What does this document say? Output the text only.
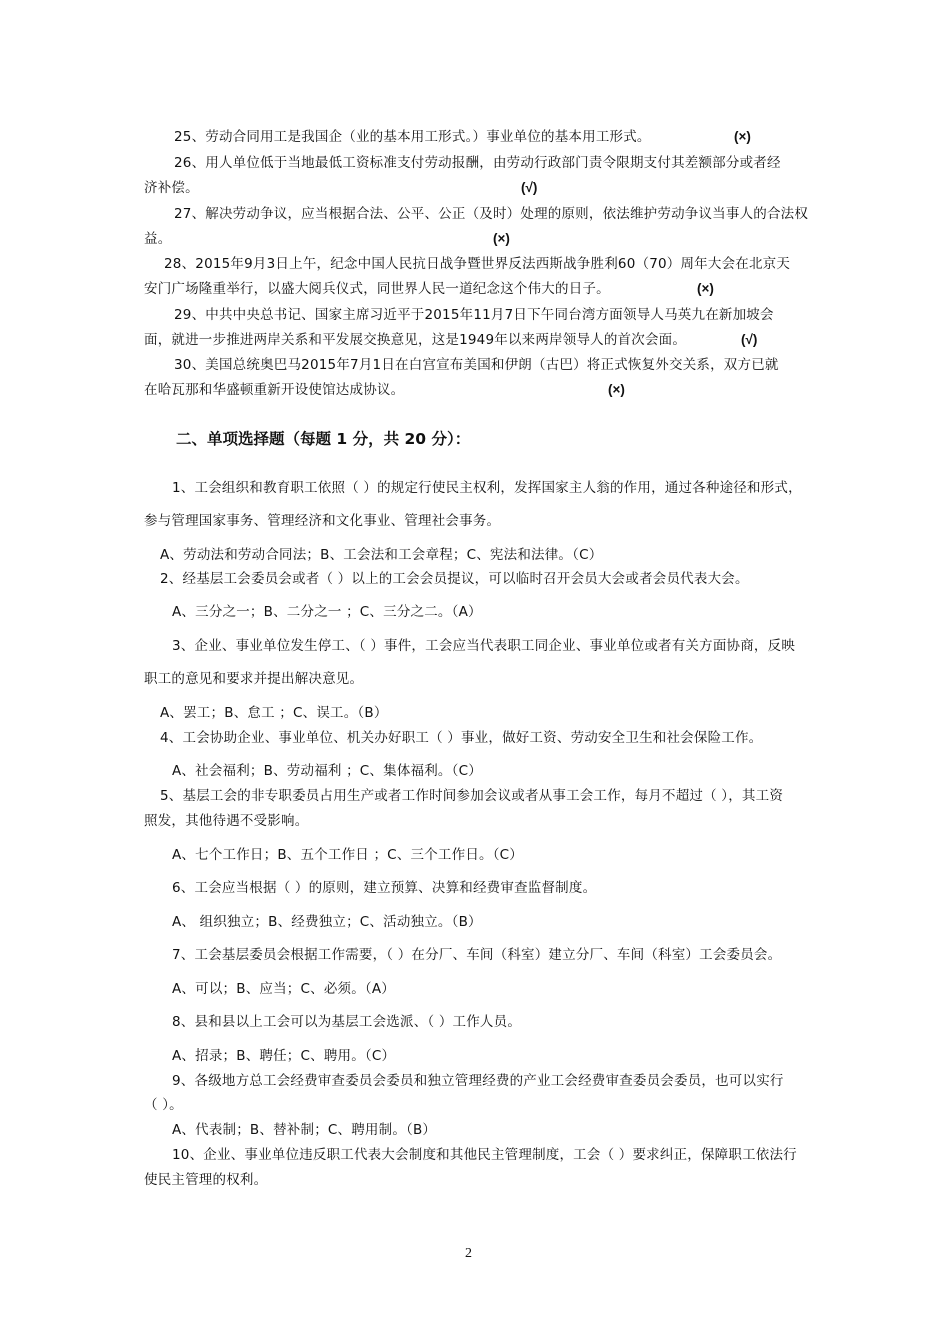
25、劳动合同用工是我国企（业的基本用工形式。）事业单位的基本用工形式。	(×)
26、用人单位低于当地最低工资标准支付劳动报酬，由劳动行政部门责令限期支付其差额部分或者经
济补偿。	(√)
27、解决劳动争议，应当根据合法、公平、公正（及时）处理的原则，依法维护劳动争议当事人的合法权
益。	(×)
28、2015年9月3日上午，纪念中国人民抗日战争暨世界反法西斯战争胜利60（70）周年大会在北京天
安门广场隆重举行，以盛大阅兵仪式，同世界人民一道纪念这个伟大的日子。	(×)
29、中共中央总书记、国家主席习近平于2015年11月7日下午同台湾方面领导人马英九在新加坡会
面，就进一步推进两岸关系和平发展交换意见，这是1949年以来两岸领导人的首次会面。	(√)
30、美国总统奥巴马2015年7月1日在白宫宣布美国和伊朗（古巴）将正式恢复外交关系，双方已就
在哈瓦那和华盛顿重新开设使馆达成协议。	(×)
二、单项选择题（每题 1 分，共 20 分）：
1、工会组织和教育职工依照（ ）的规定行使民主权利，发挥国家主人翁的作用，通过各种途径和形式，
参与管理国家事务、管理经济和文化事业、管理社会事务。
A、劳动法和劳动合同法；B、工会法和工会章程；C、宪法和法律。（C）
2、经基层工会委员会或者（ ）以上的工会会员提议，可以临时召开会员大会或者会员代表大会。
A、三分之一；B、二分之一 ；C、三分之二。（A）
3、企业、事业单位发生停工、（ ）事件，工会应当代表职工同企业、事业单位或者有关方面协商，反映
职工的意见和要求并提出解决意见。
A、罢工；B、怠工 ；C、误工。（B）
4、工会协助企业、事业单位、机关办好职工（ ）事业，做好工资、劳动安全卫生和社会保险工作。
A、社会福利；B、劳动福利 ；C、集体福利。（C）
5、基层工会的非专职委员占用生产或者工作时间参加会议或者从事工会工作，每月不超过（ ），其工资
照发，其他待遇不受影响。
A、七个工作日；B、五个工作日 ；C、三个工作日。（C）
6、工会应当根据（ ）的原则，建立预算、决算和经费审查监督制度。
A、 组织独立；B、经费独立；C、活动独立。（B）
7、工会基层委员会根据工作需要，（ ）在分厂、车间（科室）建立分厂、车间（科室）工会委员会。
A、可以；B、应当；C、必须。（A）
8、县和县以上工会可以为基层工会选派、（ ）工作人员。
A、招录；B、聘任；C、聘用。（C）
9、各级地方总工会经费审查委员会委员和独立管理经费的产业工会经费审查委员会委员，也可以实行
（ ）。
A、代表制；B、替补制；C、聘用制。（B）
10、企业、事业单位违反职工代表大会制度和其他民主管理制度，工会（ ）要求纠正，保障职工依法行
使民主管理的权利。
2
